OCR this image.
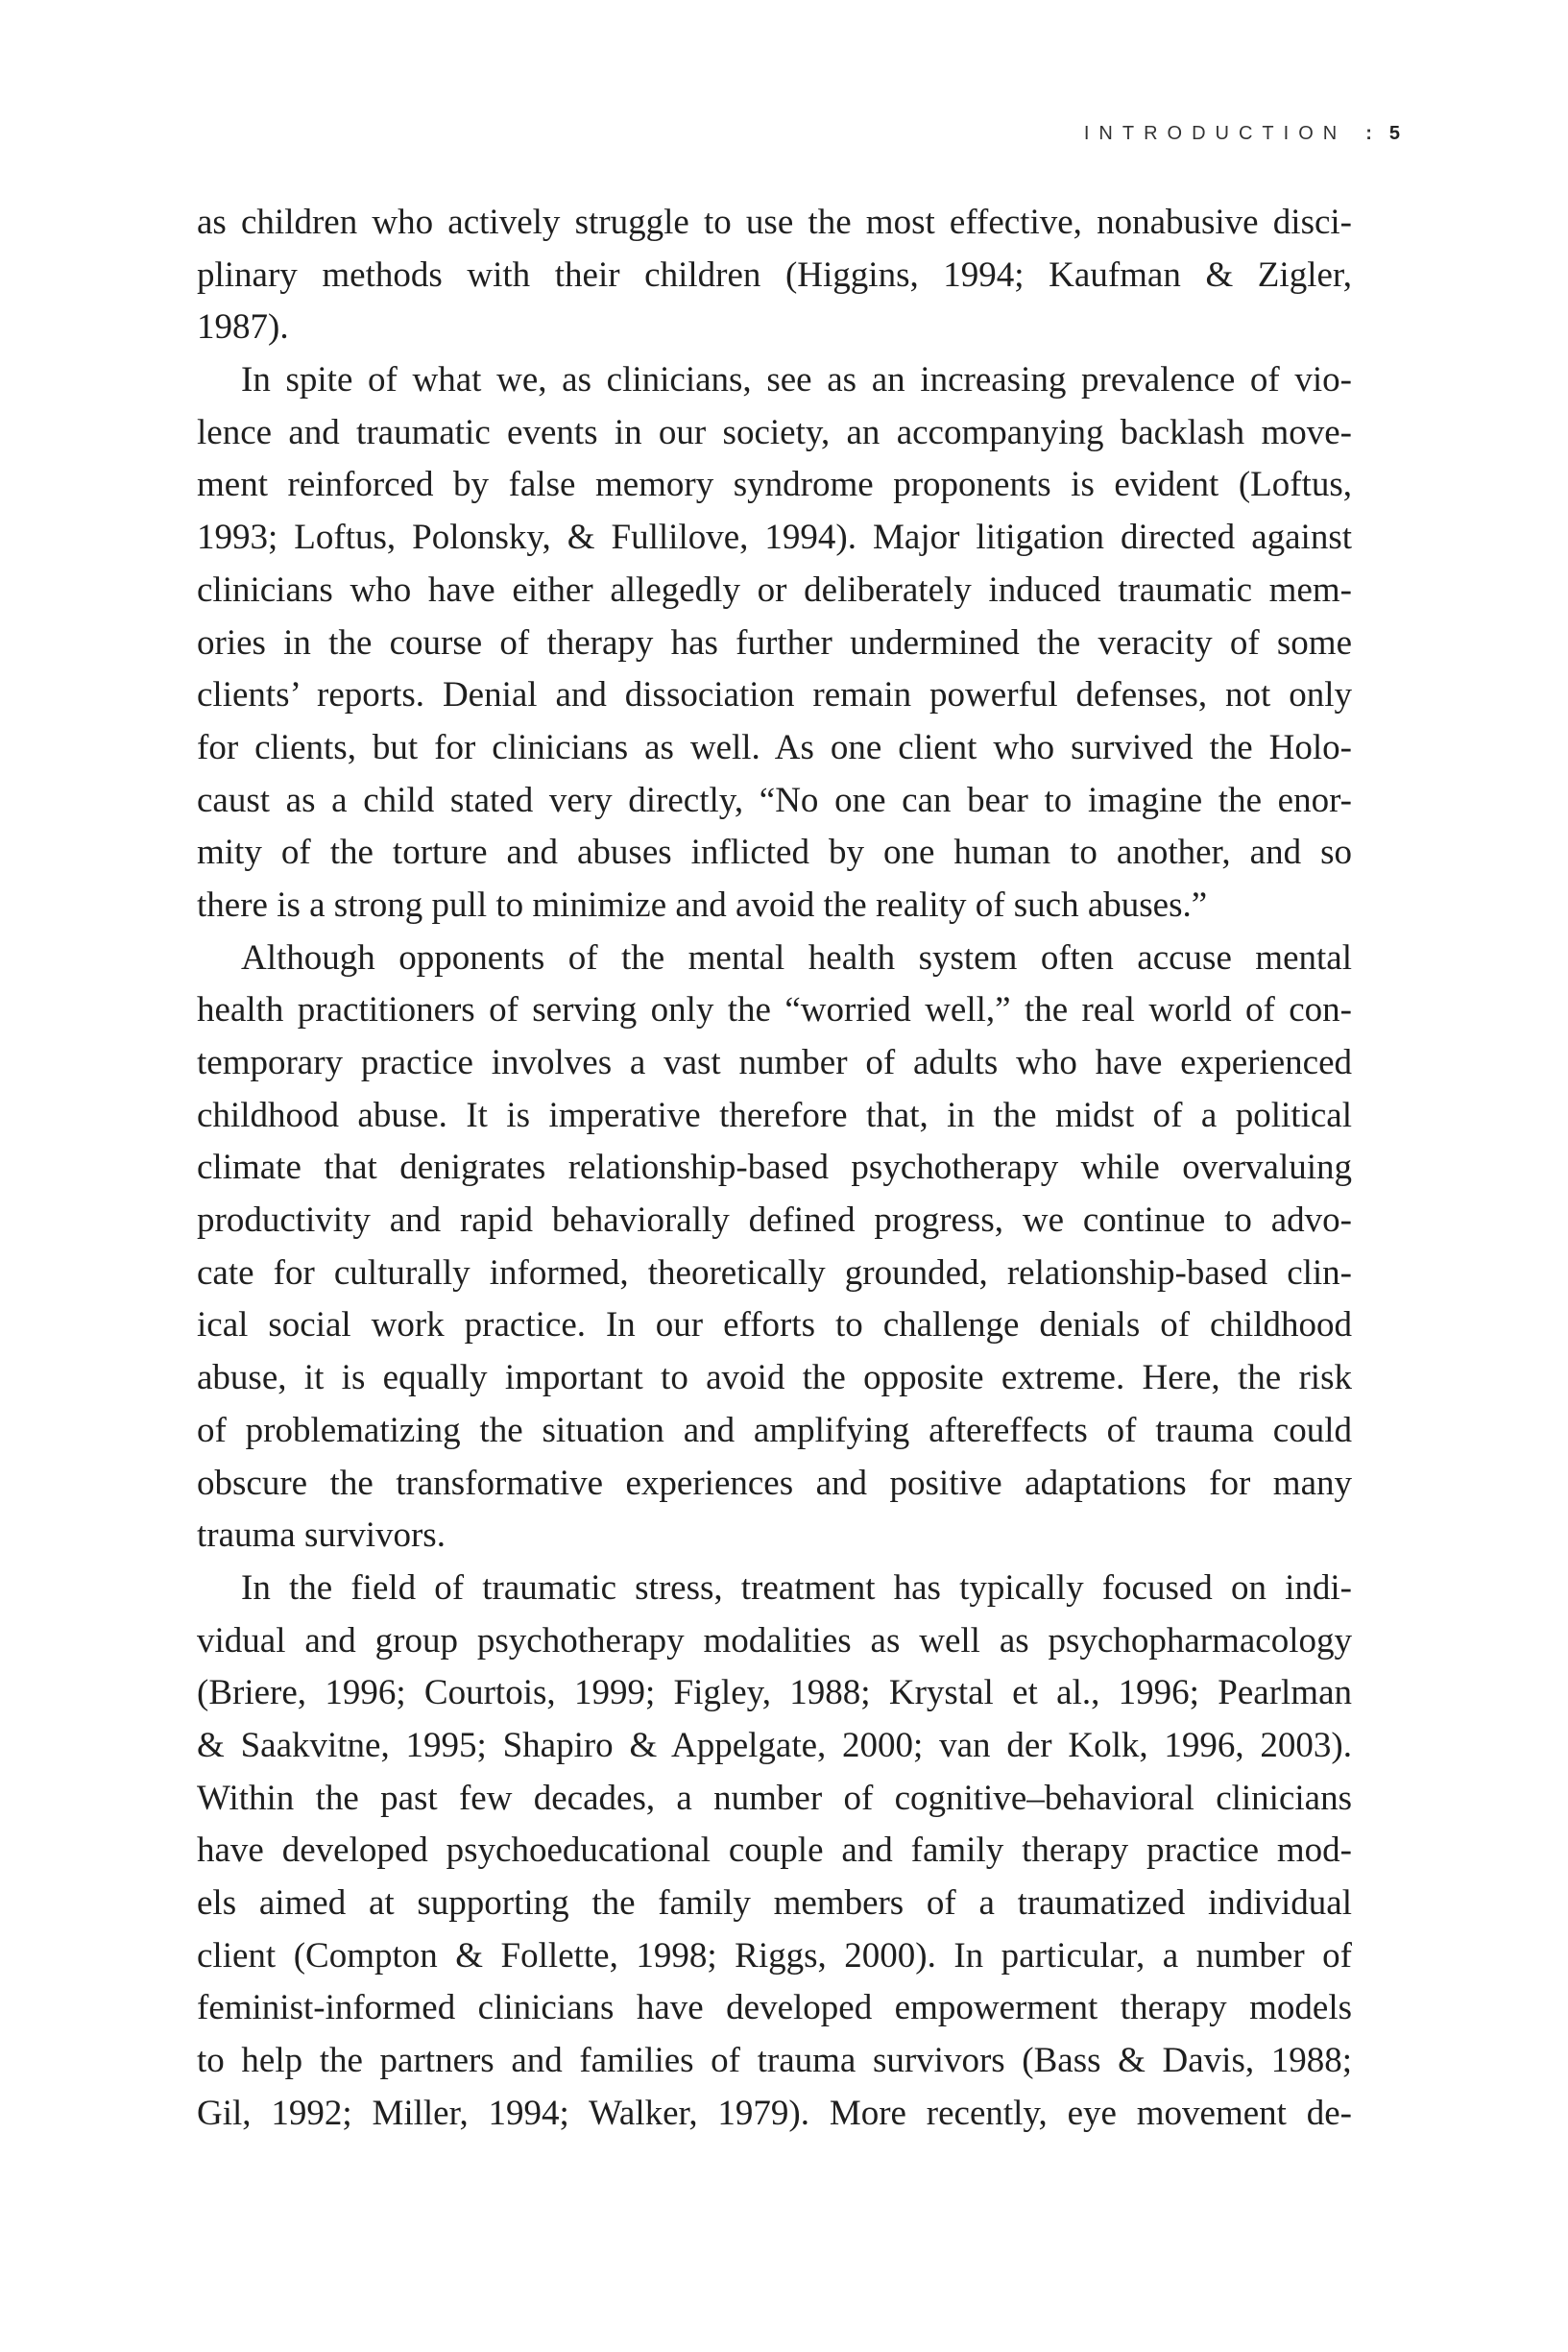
INTRODUCTION : 5
as children who actively struggle to use the most effective, nonabusive disci-
plinary methods with their children (Higgins, 1994; Kaufman & Zigler,
1987).
In spite of what we, as clinicians, see as an increasing prevalence of vio-
lence and traumatic events in our society, an accompanying backlash move-
ment reinforced by false memory syndrome proponents is evident (Loftus,
1993; Loftus, Polonsky, & Fullilove, 1994). Major litigation directed against
clinicians who have either allegedly or deliberately induced traumatic mem-
ories in the course of therapy has further undermined the veracity of some
clients’ reports. Denial and dissociation remain powerful defenses, not only
for clients, but for clinicians as well. As one client who survived the Holo-
caust as a child stated very directly, “No one can bear to imagine the enor-
mity of the torture and abuses inflicted by one human to another, and so
there is a strong pull to minimize and avoid the reality of such abuses.”
Although opponents of the mental health system often accuse mental
health practitioners of serving only the “worried well,” the real world of con-
temporary practice involves a vast number of adults who have experienced
childhood abuse. It is imperative therefore that, in the midst of a political
climate that denigrates relationship-based psychotherapy while overvaluing
productivity and rapid behaviorally defined progress, we continue to advo-
cate for culturally informed, theoretically grounded, relationship-based clin-
ical social work practice. In our efforts to challenge denials of childhood
abuse, it is equally important to avoid the opposite extreme. Here, the risk
of problematizing the situation and amplifying aftereffects of trauma could
obscure the transformative experiences and positive adaptations for many
trauma survivors.
In the field of traumatic stress, treatment has typically focused on indi-
vidual and group psychotherapy modalities as well as psychopharmacology
(Briere, 1996; Courtois, 1999; Figley, 1988; Krystal et al., 1996; Pearlman
& Saakvitne, 1995; Shapiro & Appelgate, 2000; van der Kolk, 1996, 2003).
Within the past few decades, a number of cognitive–behavioral clinicians
have developed psychoeducational couple and family therapy practice mod-
els aimed at supporting the family members of a traumatized individual
client (Compton & Follette, 1998; Riggs, 2000). In particular, a number of
feminist-informed clinicians have developed empowerment therapy models
to help the partners and families of trauma survivors (Bass & Davis, 1988;
Gil, 1992; Miller, 1994; Walker, 1979). More recently, eye movement de-
